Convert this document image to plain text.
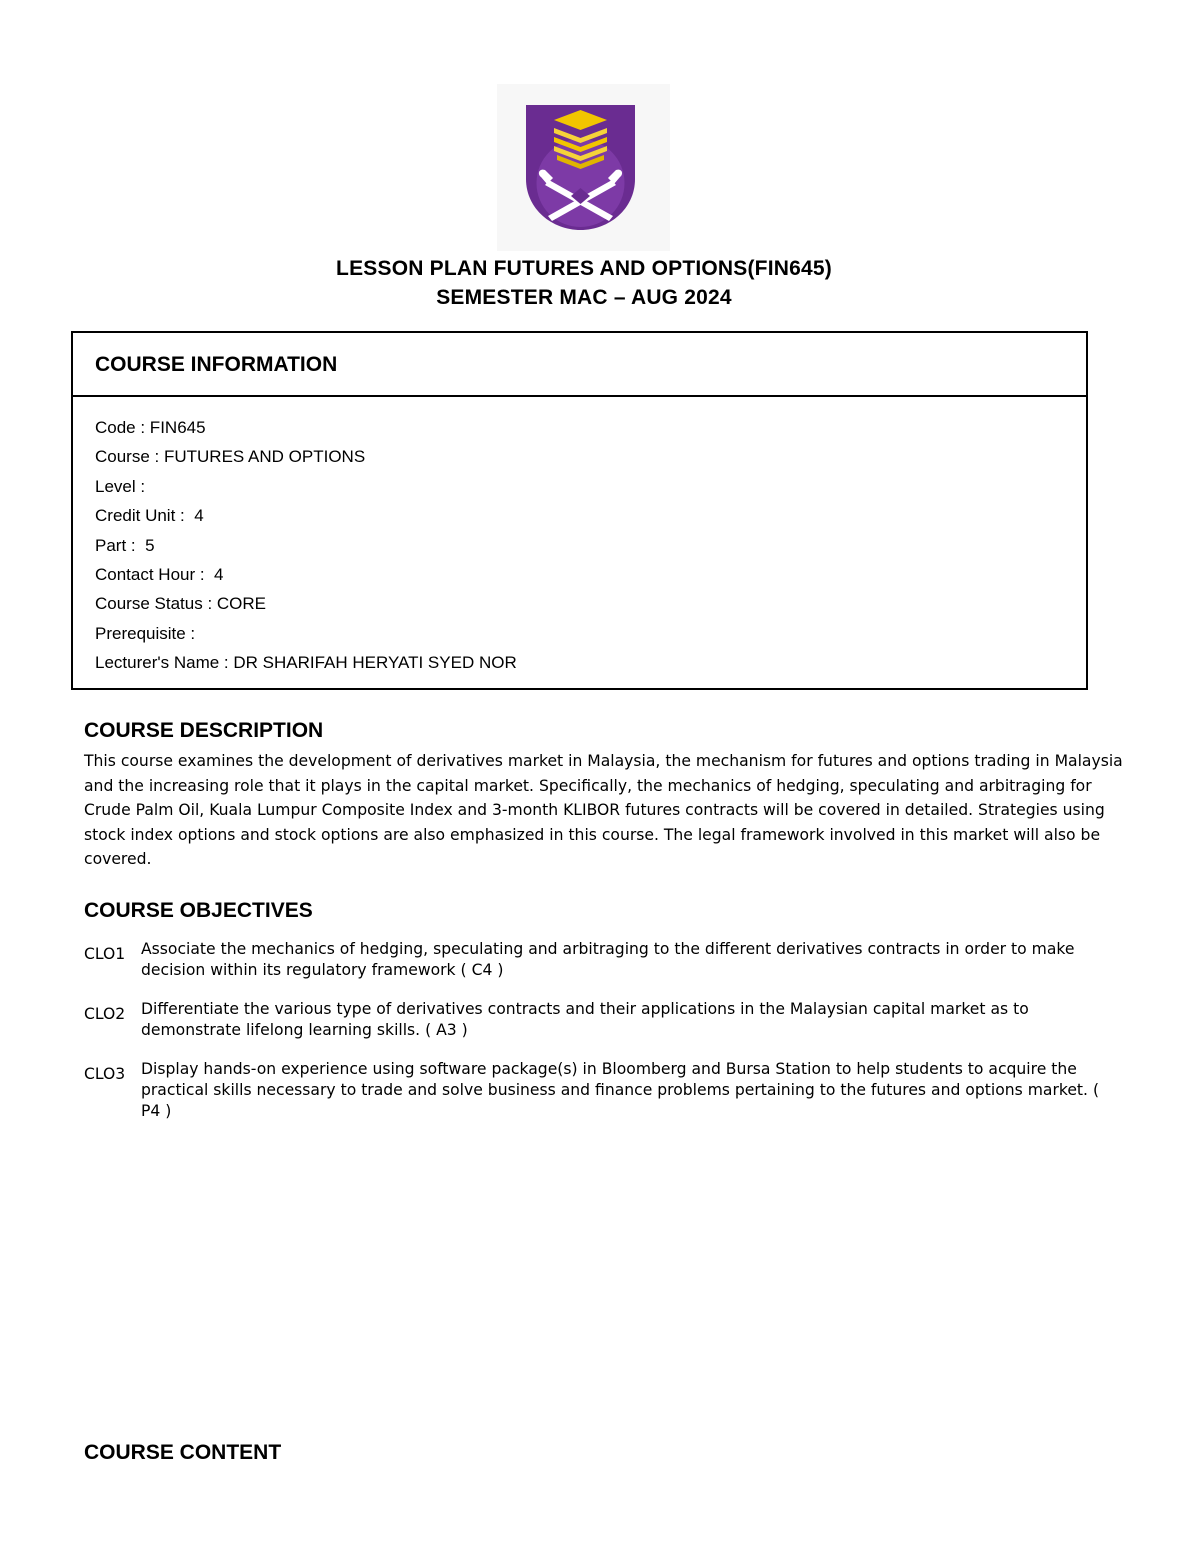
LESSON PLAN FUTURES AND OPTIONS(FIN645)
SEMESTER MAC – AUG 2024
COURSE INFORMATION
Code : FIN645
Course : FUTURES AND OPTIONS
Level :
Credit Unit :  4
Part :  5
Contact Hour :  4
Course Status : CORE
Prerequisite :
Lecturer's Name : DR SHARIFAH HERYATI SYED NOR
COURSE DESCRIPTION

This course examines the development of derivatives market in Malaysia, the mechanism for futures and options trading in Malaysia and the increasing role that it plays in the capital market. Specifically, the mechanics of hedging, speculating and arbitraging for Crude Palm Oil, Kuala Lumpur Composite Index and 3-month KLIBOR futures contracts will be covered in detailed. Strategies using stock index options and stock options are also emphasized in this course. The legal framework involved in this market will also be covered.

COURSE OBJECTIVES
CLO1 Associate the mechanics of hedging, speculating and arbitraging to the different derivatives contracts in order to make decision within its regulatory framework ( C4 )

CLO2 Differentiate the various type of derivatives contracts and their applications in the Malaysian capital market as to demonstrate lifelong learning skills. ( A3 )

CLO3 Display hands-on experience using software package(s) in Bloomberg and Bursa Station to help students to acquire the practical skills necessary to trade and solve business and finance problems pertaining to the futures and options market. ( P4 )

COURSE CONTENT
